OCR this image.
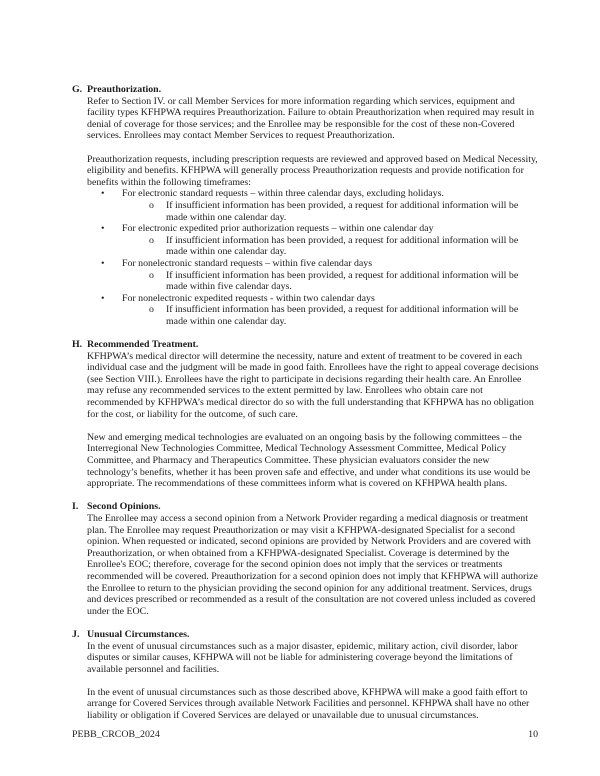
G. Preauthorization.

Refer to Section IV. or call Member Services for more information regarding which services, equipment and facility types KFHPWA requires Preauthorization. Failure to obtain Preauthorization when required may result in denial of coverage for those services; and the Enrollee may be responsible for the cost of these non-Covered services. Enrollees may contact Member Services to request Preauthorization.

Preauthorization requests, including prescription requests are reviewed and approved based on Medical Necessity, eligibility and benefits. KFHPWA will generally process Preauthorization requests and provide notification for benefits within the following timeframes:

• For electronic standard requests – within three calendar days, excluding holidays.
o If insufficient information has been provided, a request for additional information will be made within one calendar day.
• For electronic expedited prior authorization requests – within one calendar day
o If insufficient information has been provided, a request for additional information will be made within one calendar day.
• For nonelectronic standard requests – within five calendar days
o If insufficient information has been provided, a request for additional information will be made within five calendar days.
• For nonelectronic expedited requests - within two calendar days
o If insufficient information has been provided, a request for additional information will be made within one calendar day.
H. Recommended Treatment.

KFHPWA’s medical director will determine the necessity, nature and extent of treatment to be covered in each individual case and the judgment will be made in good faith. Enrollees have the right to appeal coverage decisions (see Section VIII.). Enrollees have the right to participate in decisions regarding their health care. An Enrollee may refuse any recommended services to the extent permitted by law. Enrollees who obtain care not recommended by KFHPWA’s medical director do so with the full understanding that KFHPWA has no obligation for the cost, or liability for the outcome, of such care.

New and emerging medical technologies are evaluated on an ongoing basis by the following committees – the Interregional New Technologies Committee, Medical Technology Assessment Committee, Medical Policy Committee, and Pharmacy and Therapeutics Committee. These physician evaluators consider the new technology’s benefits, whether it has been proven safe and effective, and under what conditions its use would be appropriate. The recommendations of these committees inform what is covered on KFHPWA health plans.

I. Second Opinions.

The Enrollee may access a second opinion from a Network Provider regarding a medical diagnosis or treatment plan. The Enrollee may request Preauthorization or may visit a KFHPWA-designated Specialist for a second opinion. When requested or indicated, second opinions are provided by Network Providers and are covered with Preauthorization, or when obtained from a KFHPWA-designated Specialist. Coverage is determined by the Enrollee's EOC; therefore, coverage for the second opinion does not imply that the services or treatments recommended will be covered. Preauthorization for a second opinion does not imply that KFHPWA will authorize the Enrollee to return to the physician providing the second opinion for any additional treatment. Services, drugs and devices prescribed or recommended as a result of the consultation are not covered unless included as covered under the EOC.

J. Unusual Circumstances.

In the event of unusual circumstances such as a major disaster, epidemic, military action, civil disorder, labor disputes or similar causes, KFHPWA will not be liable for administering coverage beyond the limitations of available personnel and facilities.

In the event of unusual circumstances such as those described above, KFHPWA will make a good faith effort to arrange for Covered Services through available Network Facilities and personnel. KFHPWA shall have no other liability or obligation if Covered Services are delayed or unavailable due to unusual circumstances.

PEBB_CRCOB_2024	10
